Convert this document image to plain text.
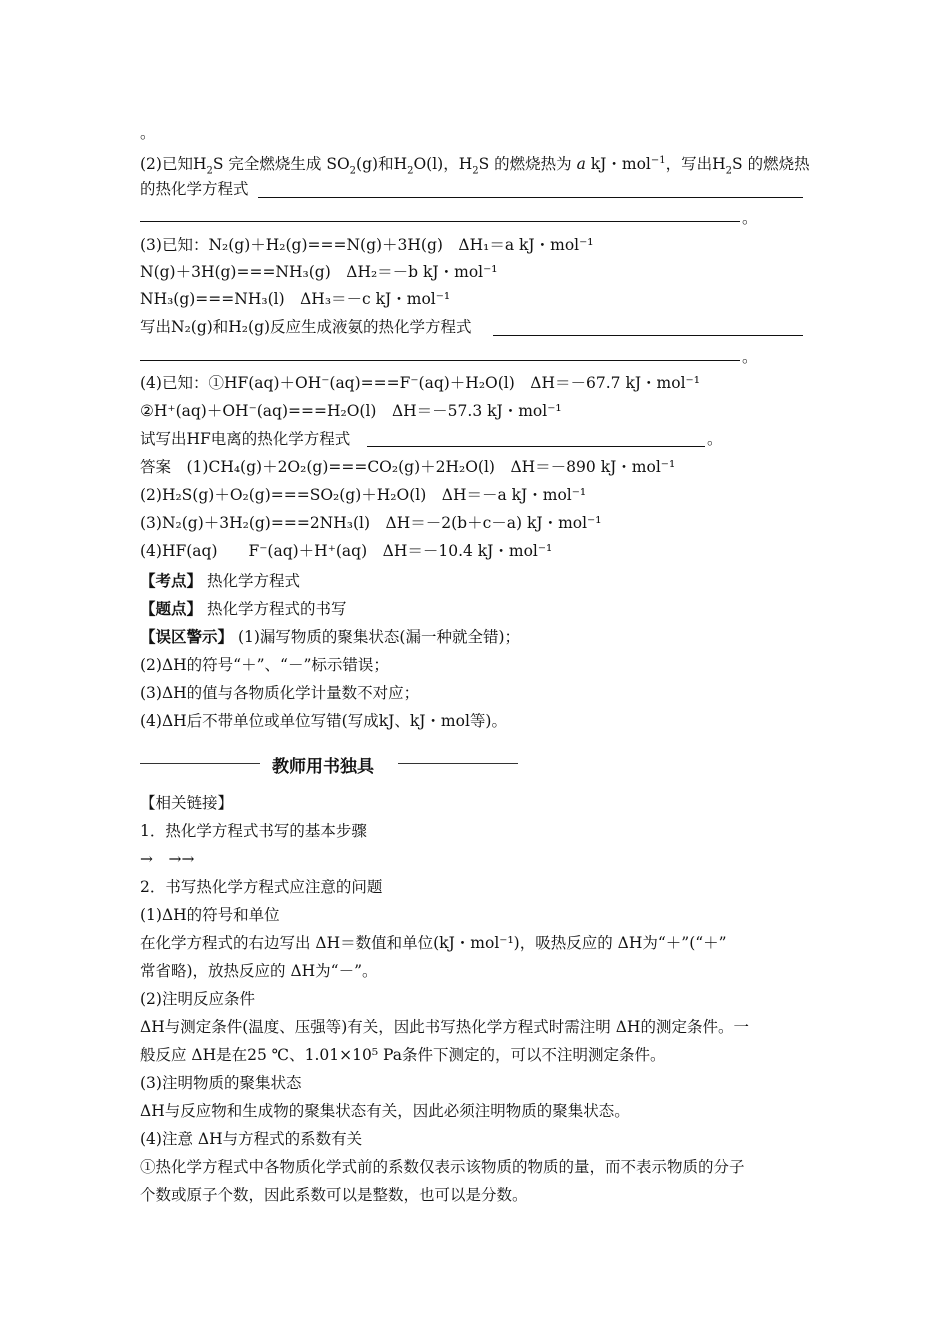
。
(2)已知$H_2S$ 完全燃烧生成 $SO_2(g)$和$H_2O(l)$，$H_2S$ 的燃烧热为 a kJ・mol$^{-1}$，写出$H_2S$ 的燃烧热
的热化学方程式
。
(3)已知：N₂(g)＋H₂(g)===N(g)＋3H(g)　ΔH₁＝a kJ・mol⁻¹
N(g)＋3H(g)===NH₃(g)　ΔH₂＝－b kJ・mol⁻¹
NH₃(g)===NH₃(l)　ΔH₃＝－c kJ・mol⁻¹
写出N₂(g)和H₂(g)反应生成液氨的热化学方程式
。
(4)已知：①HF(aq)＋OH⁻(aq)===F⁻(aq)＋H₂O(l)　ΔH＝－67.7 kJ・mol⁻¹
②H⁺(aq)＋OH⁻(aq)===H₂O(l)　ΔH＝－57.3 kJ・mol⁻¹
试写出HF电离的热化学方程式	。
答案　(1)CH₄(g)＋2O₂(g)===CO₂(g)＋2H₂O(l)　ΔH＝－890 kJ・mol⁻¹
(2)H₂S(g)＋O₂(g)===SO₂(g)＋H₂O(l)　ΔH＝－a kJ・mol⁻¹
(3)N₂(g)＋3H₂(g)===2NH₃(l)　ΔH＝－2(b＋c－a) kJ・mol⁻¹
(4)HF(aq)　　F⁻(aq)＋H⁺(aq)　ΔH＝－10.4 kJ・mol⁻¹
【考点】 热化学方程式
【题点】 热化学方程式的书写
【误区警示】 (1)漏写物质的聚集状态(漏一种就全错)；
(2)ΔH的符号“＋”、“－”标示错误；
(3)ΔH的值与各物质化学计量数不对应；
(4)ΔH后不带单位或单位写错(写成kJ、kJ・mol等)。
教师用书独具
【相关链接】
1．热化学方程式书写的基本步骤
→　→→
2．书写热化学方程式应注意的问题
(1)ΔH的符号和单位
在化学方程式的右边写出 ΔH＝数值和单位(kJ・mol⁻¹)，吸热反应的 ΔH为“＋”(“＋”
常省略)，放热反应的 ΔH为“－”。
(2)注明反应条件
ΔH与测定条件(温度、压强等)有关，因此书写热化学方程式时需注明 ΔH的测定条件。一
般反应 ΔH是在25 ℃、1.01×10⁵ Pa条件下测定的，可以不注明测定条件。
(3)注明物质的聚集状态
ΔH与反应物和生成物的聚集状态有关，因此必须注明物质的聚集状态。
(4)注意 ΔH与方程式的系数有关
①热化学方程式中各物质化学式前的系数仅表示该物质的物质的量，而不表示物质的分子
个数或原子个数，因此系数可以是整数，也可以是分数。
